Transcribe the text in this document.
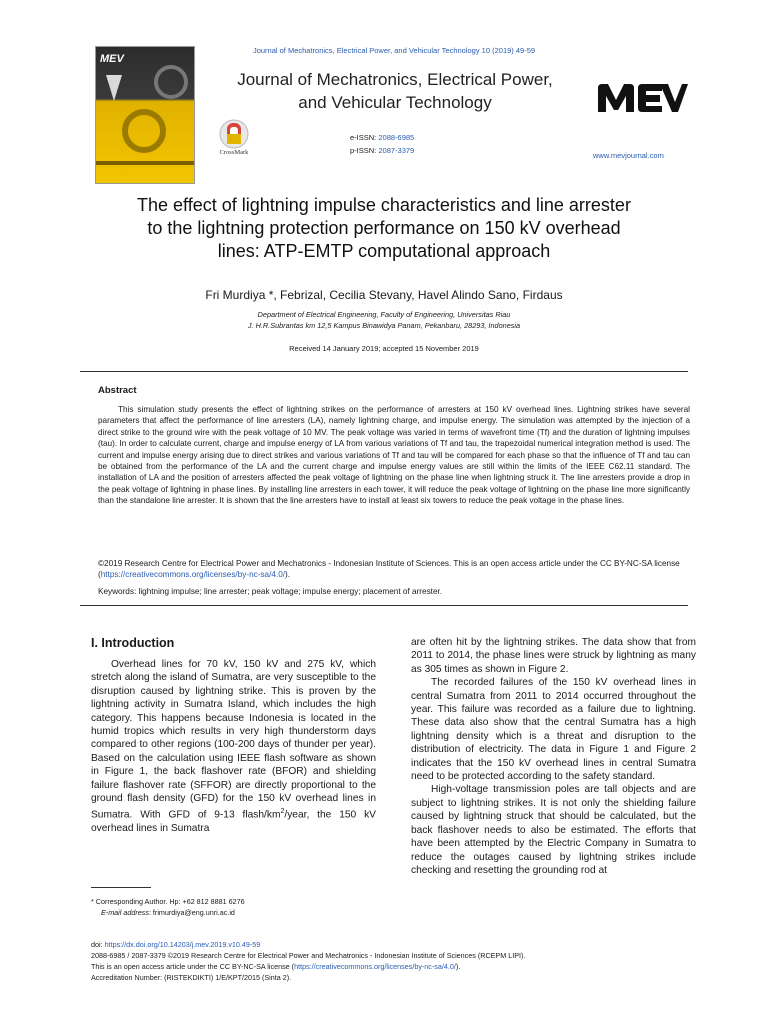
MEV
Journal of Mechatronics, Electrical Power, and Vehicular Technology 10 (2019) 49-59
Journal of Mechatronics, Electrical Power,
and Vehicular Technology
CrossMark
e-ISSN: 2088-6985
p-ISSN: 2087-3379
www.mevjournal.com
The effect of lightning impulse characteristics and line arrester
to the lightning protection performance on 150 kV overhead
lines: ATP-EMTP computational approach
Fri Murdiya *, Febrizal, Cecilia Stevany, Havel Alindo Sano, Firdaus
Department of Electrical Engineering, Faculty of Engineering, Universitas Riau
J. H.R.Subrantas km 12,5 Kampus Binawidya Panam, Pekanbaru, 28293, Indonesia
Received 14 January 2019; accepted 15 November 2019
Abstract

This simulation study presents the effect of lightning strikes on the performance of arresters at 150 kV overhead lines. Lightning strikes have several parameters that affect the performance of line arresters (LA), namely lightning charge, and impulse energy. The simulation was attempted by the injection of a direct strike to the ground wire with the peak voltage of 10 MV. The peak voltage was varied in terms of wavefront time (Tf) and the duration of lightning impulses (tau). In order to calculate current, charge and impulse energy of LA from various variations of Tf and tau, the trapezoidal numerical integration method is used. The current and impulse energy arising due to direct strikes and various variations of Tf and tau will be compared for each phase so that the influence of Tf and tau can be obtained from the performance of the LA and the current charge and impulse energy values are still within the limits of the IEEE C62.11 standard. The installation of LA and the position of arresters affected the peak voltage of lightning on the phase line when lightning struck it. The line arresters provide a drop in the peak voltage of lightning in phase lines. By installing line arresters in each tower, it will reduce the peak voltage of lightning on the phase line more significantly than the standalone line arrester. It is shown that the line arresters have to install at least six towers to reduce the peak voltage in the phase lines.

©2019 Research Centre for Electrical Power and Mechatronics - Indonesian Institute of Sciences. This is an open access article under the CC BY-NC-SA license (https://creativecommons.org/licenses/by-nc-sa/4.0/).

Keywords: lightning impulse; line arrester; peak voltage; impulse energy; placement of arrester.
I. Introduction

Overhead lines for 70 kV, 150 kV and 275 kV, which stretch along the island of Sumatra, are very susceptible to the disruption caused by lightning strike. This is proven by the lightning activity in Sumatra Island, which includes the high category. This happens because Indonesia is located in the humid tropics which results in very high thunderstorm days compared to other regions (100-200 days of thunder per year). Based on the calculation using IEEE flash software as shown in Figure 1, the back flashover rate (BFOR) and shielding failure flashover rate (SFFOR) are directly proportional to the ground flash density (GFD) for the 150 kV overhead lines in Sumatra. With GFD of 9-13 flash/$km^2$/year, the 150 kV overhead lines in Sumatra

are often hit by the lightning strikes. The data show that from 2011 to 2014, the phase lines were struck by lightning as many as 305 times as shown in Figure 2.

The recorded failures of the 150 kV overhead lines in central Sumatra from 2011 to 2014 occurred throughout the year. This failure was recorded as a failure due to lightning. These data also show that the central Sumatra has a high lightning density which is a threat and disruption to the distribution of electricity. The data in Figure 1 and Figure 2 indicates that the 150 kV overhead lines in central Sumatra need to be protected according to the safety standard.

High-voltage transmission poles are tall objects and are subject to lightning strikes. It is not only the shielding failure caused by lightning struck that should be calculated, but the back flashover needs to also be estimated. The efforts that have been attempted by the Electric Company in Sumatra to reduce the outages caused by lightning strikes include checking and resetting the grounding rod at

* Corresponding Author. Hp: +62 812 8881 6276
E-mail address: frimurdiya@eng.unri.ac.id
doi: https://dx.doi.org/10.14203/j.mev.2019.v10.49-59
2088-6985 / 2087-3379 ©2019 Research Centre for Electrical Power and Mechatronics - Indonesian Institute of Sciences (RCEPM LIPI).
This is an open access article under the CC BY-NC-SA license (https://creativecommons.org/licenses/by-nc-sa/4.0/).
Accreditation Number: (RISTEKDIKTI) 1/E/KPT/2015 (Sinta 2).
